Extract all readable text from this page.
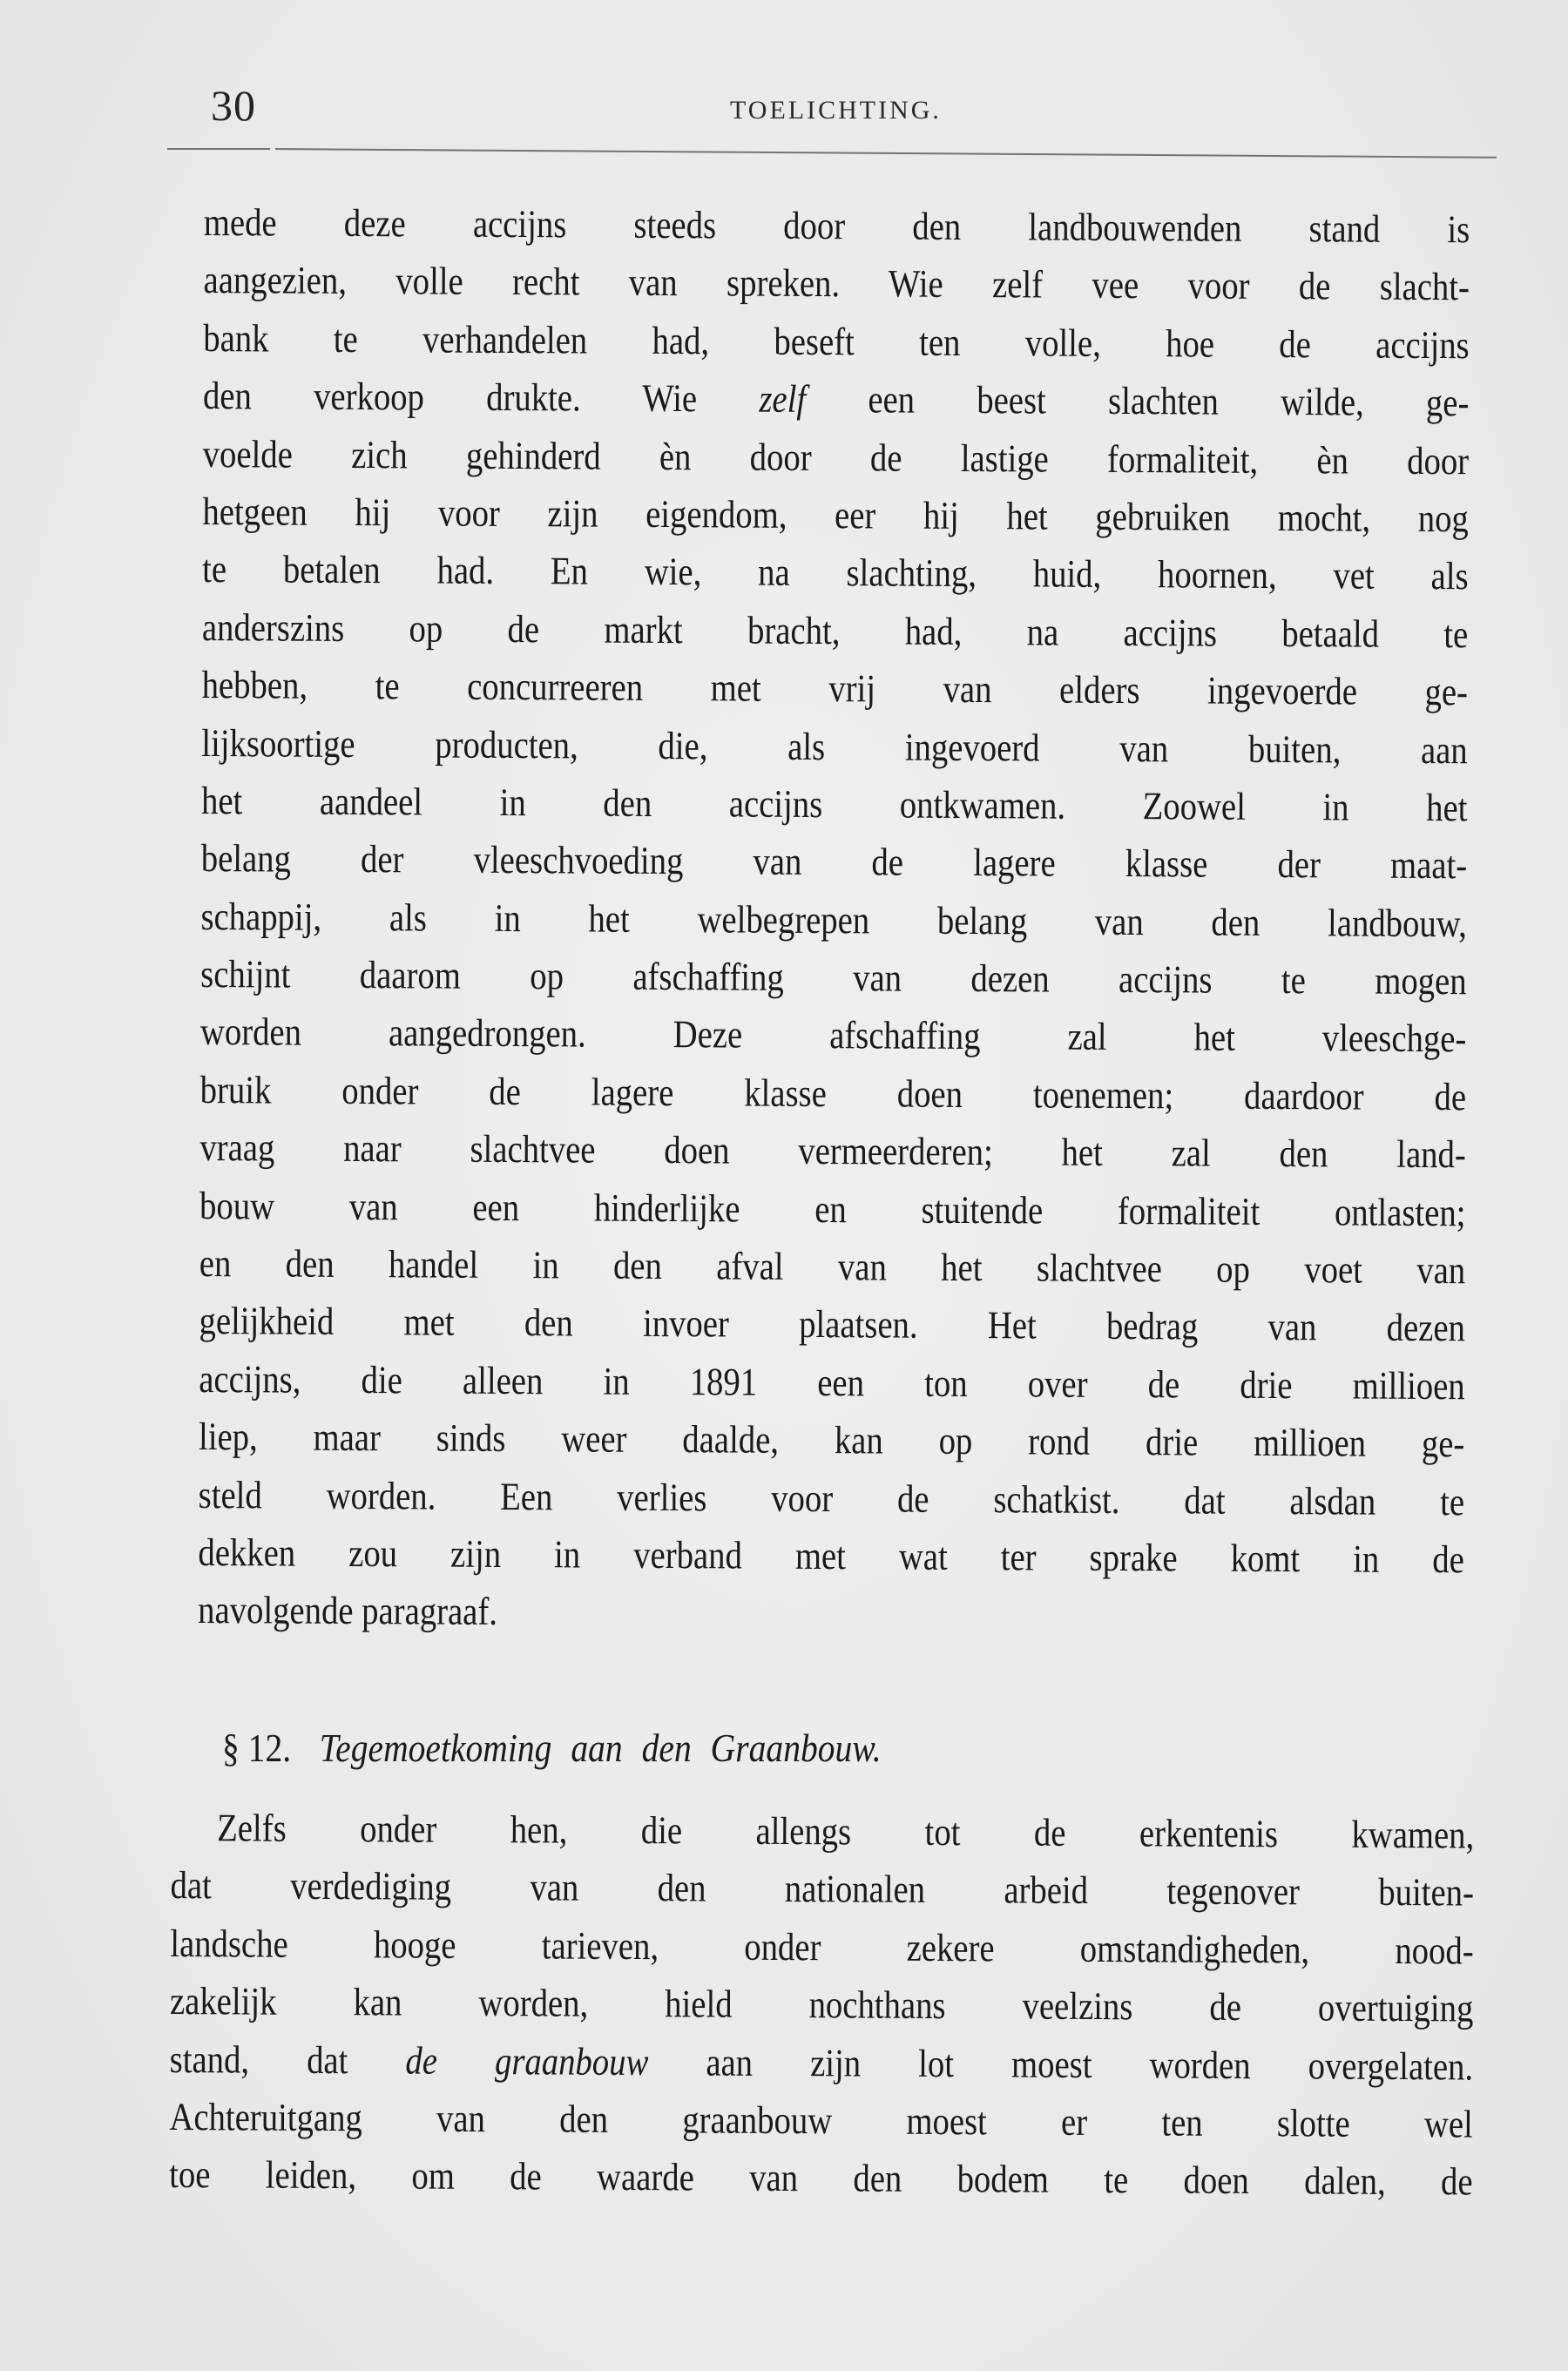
30	TOELICHTING.
mede deze accijns steeds door den landbouwenden stand is
aangezien, volle recht van spreken. Wie zelf vee voor de slacht-
bank te verhandelen had, beseft ten volle, hoe de accijns
den verkoop drukte. Wie zelf een beest slachten wilde, ge-
voelde zich gehinderd èn door de lastige formaliteit, èn door
hetgeen hij voor zijn eigendom, eer hij het gebruiken mocht, nog
te betalen had. En wie, na slachting, huid, hoornen, vet als
anderszins op de markt bracht, had, na accijns betaald te
hebben, te concurreeren met vrij van elders ingevoerde ge-
lijksoortige producten, die, als ingevoerd van buiten, aan
het aandeel in den accijns ontkwamen. Zoowel in het
belang der vleeschvoeding van de lagere klasse der maat-
schappij, als in het welbegrepen belang van den landbouw,
schijnt daarom op afschaffing van dezen accijns te mogen
worden aangedrongen. Deze afschaffing zal het vleeschge-
bruik onder de lagere klasse doen toenemen; daardoor de
vraag naar slachtvee doen vermeerderen; het zal den land-
bouw van een hinderlijke en stuitende formaliteit ontlasten;
en den handel in den afval van het slachtvee op voet van
gelijkheid met den invoer plaatsen. Het bedrag van dezen
accijns, die alleen in 1891 een ton over de drie millioen
liep, maar sinds weer daalde, kan op rond drie millioen ge-
steld worden. Een verlies voor de schatkist. dat alsdan te
dekken zou zijn in verband met wat ter sprake komt in de
navolgende paragraaf.
§ 12. Tegemoetkoming aan den Graanbouw.
Zelfs onder hen, die allengs tot de erkentenis kwamen,
dat verdediging van den nationalen arbeid tegenover buiten-
landsche hooge tarieven, onder zekere omstandigheden, nood-
zakelijk kan worden, hield nochthans veelzins de overtuiging
stand, dat de graanbouw aan zijn lot moest worden overgelaten.
Achteruitgang van den graanbouw moest er ten slotte wel
toe leiden, om de waarde van den bodem te doen dalen, de
